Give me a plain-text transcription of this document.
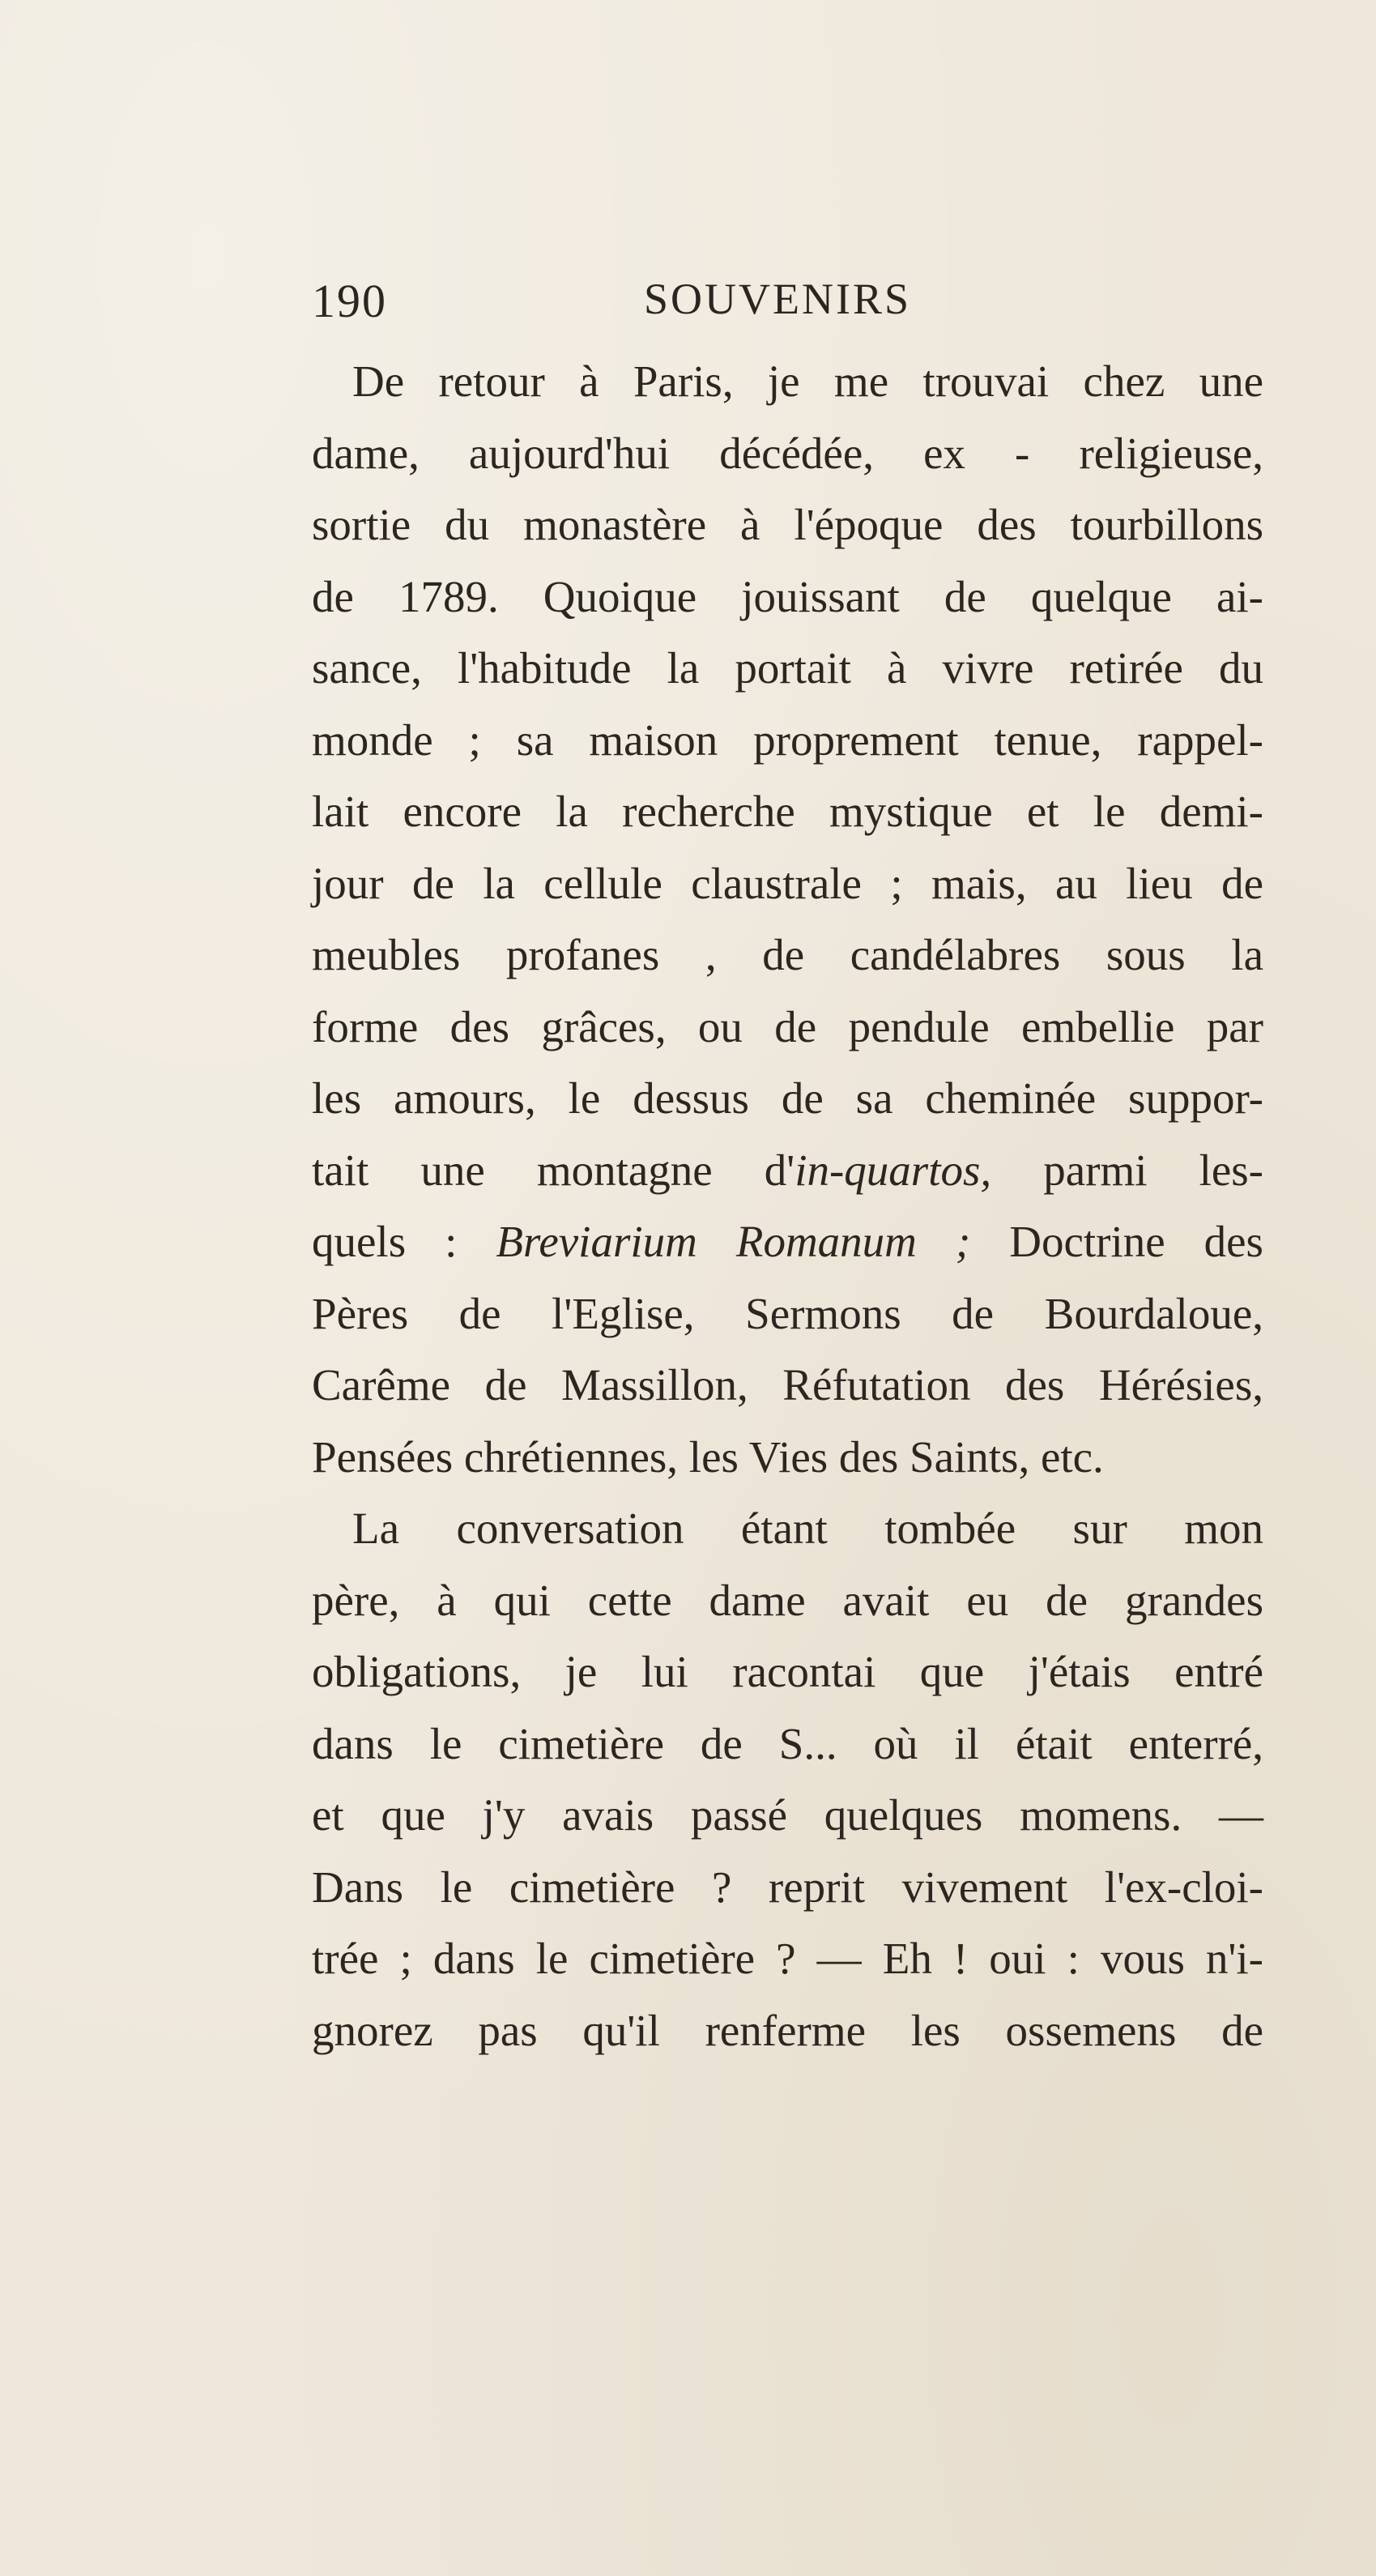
190	SOUVENIRS
De retour à Paris, je me trouvai chez une
dame, aujourd'hui décédée, ex - religieuse,
sortie du monastère à l'époque des tourbillons
de 1789. Quoique jouissant de quelque ai-
sance, l'habitude la portait à vivre retirée du
monde ; sa maison proprement tenue, rappel-
lait encore la recherche mystique et le demi-
jour de la cellule claustrale ; mais, au lieu de
meubles profanes , de candélabres sous la
forme des grâces, ou de pendule embellie par
les amours, le dessus de sa cheminée suppor-
tait une montagne d'in-quartos, parmi les-
quels : Breviarium Romanum ; Doctrine des
Pères de l'Eglise, Sermons de Bourdaloue,
Carême de Massillon, Réfutation des Hérésies,
Pensées chrétiennes, les Vies des Saints, etc.
La conversation étant tombée sur mon
père, à qui cette dame avait eu de grandes
obligations, je lui racontai que j'étais entré
dans le cimetière de S... où il était enterré,
et que j'y avais passé quelques momens. —
Dans le cimetière ? reprit vivement l'ex-cloi-
trée ; dans le cimetière ? — Eh ! oui : vous n'i-
gnorez pas qu'il renferme les ossemens de
